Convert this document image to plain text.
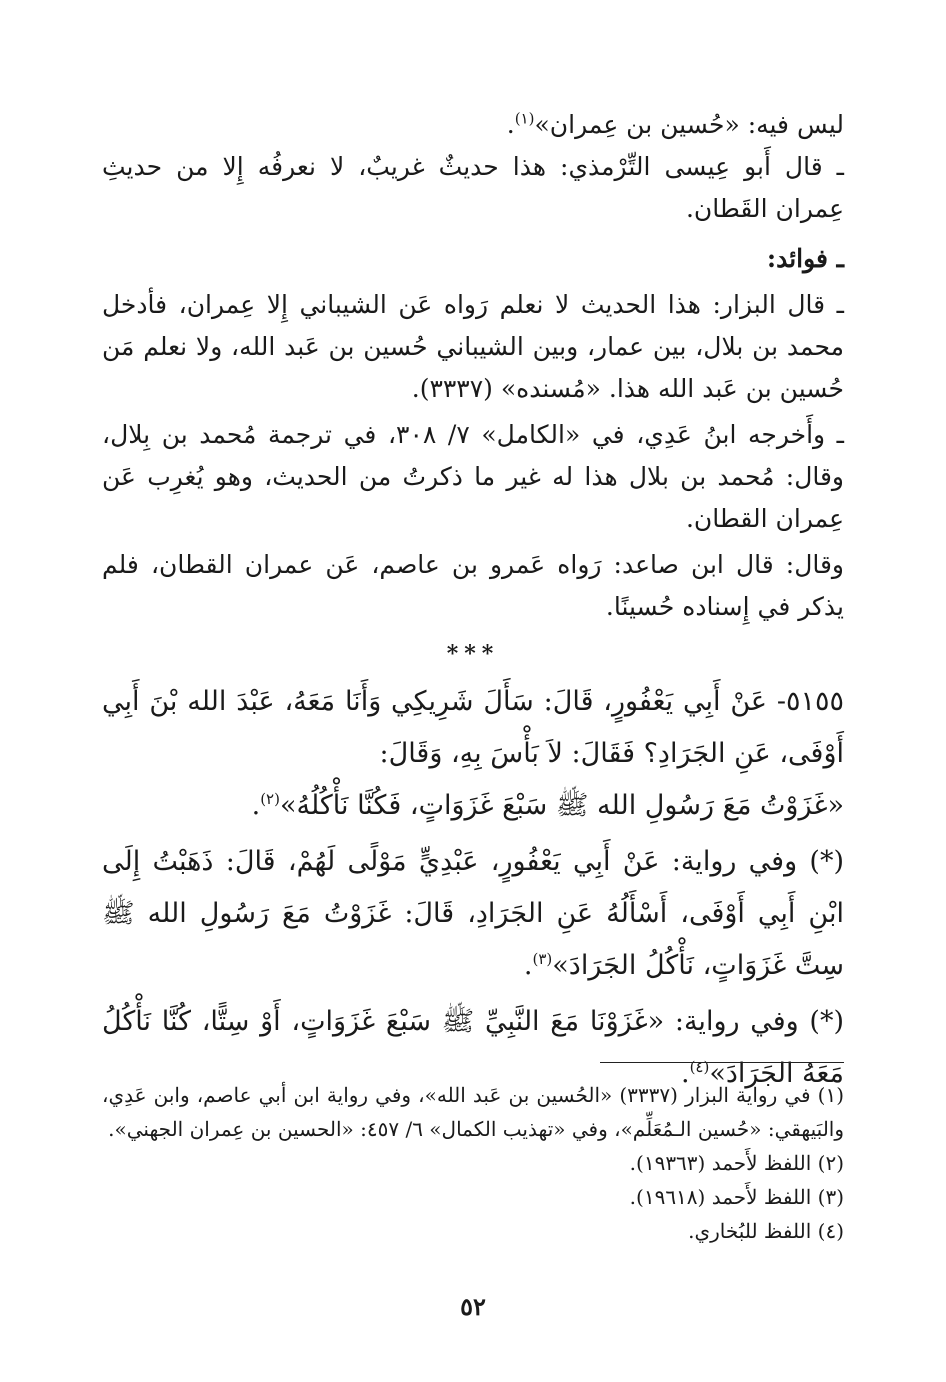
ليس فيه: «حُسين بن عِمران»$^{(١)}$.

ـ قال أَبو عِيسى التِّرْمذي: هذا حديثٌ غريبٌ، لا نعرفُه إِلا من حديثِ عِمران القَطان.

ـ فوائد:

ـ قال البزار: هذا الحديث لا نعلم رَواه عَن الشيباني إِلا عِمران، فأدخل محمد بن بلال، بين عمار، وبين الشيباني حُسين بن عَبد الله، ولا نعلم مَن حُسين بن عَبد الله هذا. «مُسنده» (٣٣٣٧).

ـ وأَخرجه ابنُ عَدِي، في «الكامل» ٧/ ٣٠٨، في ترجمة مُحمد بن بِلال، وقال: مُحمد بن بلال هذا له غير ما ذكرتُ من الحديث، وهو يُغرِب عَن عِمران القطان.

وقال: قال ابن صاعد: رَواه عَمرو بن عاصم، عَن عمران القطان، فلم يذكر في إِسناده حُسينًا.

***

٥١٥٥- عَنْ أَبِي يَعْفُورٍ، قَالَ: سَأَلَ شَرِيكِي وَأَنَا مَعَهُ، عَبْدَ الله بْنَ أَبِي أَوْفَى، عَنِ الجَرَادِ؟ فَقَالَ: لاَ بَأْسَ بِهِ، وَقَالَ:

«غَزَوْتُ مَعَ رَسُولِ الله ﷺ سَبْعَ غَزَوَاتٍ، فَكُنَّا نَأْكُلُهُ»$^{(٢)}$.

(*) وفي رواية: عَنْ أَبِي يَعْفُورٍ، عَبْدِيٍّ مَوْلًى لَهُمْ، قَالَ: ذَهَبْتُ إِلَى ابْنِ أَبِي أَوْفَى، أَسْأَلُهُ عَنِ الجَرَادِ، قَالَ: غَزَوْتُ مَعَ رَسُولِ الله ﷺ سِتَّ غَزَوَاتٍ، نَأْكُلُ الجَرَادَ»$^{(٣)}$.

(*) وفي رواية: «غَزَوْنَا مَعَ النَّبِيِّ ﷺ سَبْعَ غَزَوَاتٍ، أَوْ سِتًّا، كُنَّا نَأْكُلُ مَعَهُ الجَرَادَ»$^{(٤)}$.

(١) في رواية البزار (٣٣٣٧) «الحُسين بن عَبد الله»، وفي رواية ابن أبي عاصم، وابن عَدِي، والبَيهقي: «حُسين الـمُعَلِّم»، وفي «تهذيب الكمال» ٦/ ٤٥٧: «الحسين بن عِمران الجهني».

(٢) اللفظ لأَحمد (١٩٣٦٣).

(٣) اللفظ لأَحمد (١٩٦١٨).

(٤) اللفظ للبُخاري.

٥٢
